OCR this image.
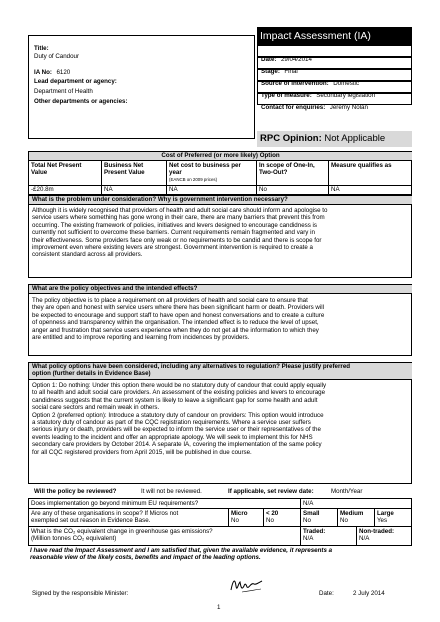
Title:
Duty of Candour
IA No: 6120
Lead department or agency:
Department of Health
Other departments or agencies:
Impact Assessment (IA)
Date: 29/04/2014
Stage: Final
Source of intervention: Domestic
Type of measure: Secondary legislation
Contact for enquiries: Jeremy Nolan
RPC Opinion: Not Applicable
Cost of Preferred (or more likely) Option
Total Net Present Value
Business Net Present Value
Net cost to business per year
(EANCB on 2009 prices)
In scope of One-In, Two-Out?
Measure qualifies as
-£20.8m	NA	NA	No	NA
What is the problem under consideration? Why is government intervention necessary?
Although it is widely recognised that providers of health and adult social care should inform and apologise to
service users where something has gone wrong in their care, there are many barriers that prevent this from
occurring. The existing framework of policies, initiatives and levers designed to encourage candidness is
currently not sufficient to overcome these barriers. Current requirements remain fragmented and vary in
their effectiveness. Some providers face only weak or no requirements to be candid and there is scope for
improvement even where existing levers are strongest. Government intervention is required to create a
consistent standard across all providers.
What are the policy objectives and the intended effects?
The policy objective is to place a requirement on all providers of health and social care to ensure that
they are open and honest with service users where there has been significant harm or death. Providers will
be expected to encourage and support staff to have open and honest conversations and to create a culture
of openness and transparency within the organisation. The intended effect is to reduce the level of upset,
anger and frustration that service users experience when they do not get all the information to which they
are entitled and to improve reporting and learning from incidences by providers.
What policy options have been considered, including any alternatives to regulation? Please justify preferred
option (further details in Evidence Base)
Option 1: Do nothing: Under this option there would be no statutory duty of candour that could apply equally
to all health and adult social care providers. An assessment of the existing policies and levers to encourage
candidness suggests that the current system is likely to leave a significant gap for some health and adult
social care sectors and remain weak in others.
Option 2 (preferred option): Introduce a statutory duty of candour on providers: This option would introduce
a statutory duty of candour as part of the CQC registration requirements. Where a service user suffers
serious injury or death, providers will be expected to inform the service user or their representatives of the
events leading to the incident and offer an appropriate apology. We will seek to implement this for NHS
secondary care providers by October 2014. A separate IA, covering the implementation of the same policy
for all CQC registered providers from April 2015, will be published in due course.
Will the policy be reviewed?	It will not be reviewed.	If applicable, set review date:	Month/Year
Does implementation go beyond minimum EU requirements?	N/A
Are any of these organisations in scope? If Micros not
exempted set out reason in Evidence Base.
Micro
No
< 20
No
Small
No
Medium
No
Large
Yes
What is the CO₂ equivalent change in greenhouse gas emissions?
(Million tonnes CO₂ equivalent)
Traded:
N/A
Non-traded:
N/A
I have read the Impact Assessment and I am satisfied that, given the available evidence, it represents a
reasonable view of the likely costs, benefits and impact of the leading options.
Signed by the responsible Minister:	Date:	2 July 2014
1
